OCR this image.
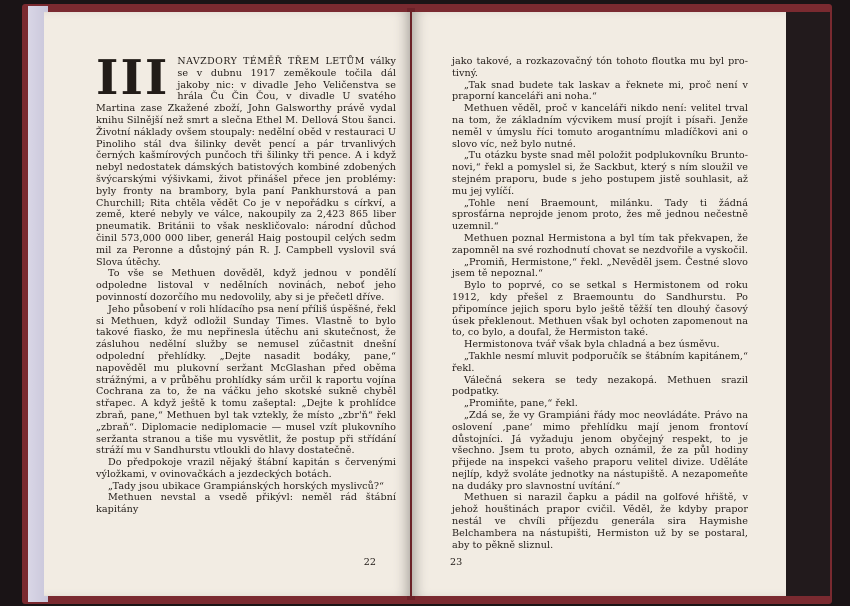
III NAVZDORY TÉMĚŘ TŘEM LETŮM války se v dubnu 1917 zeměkoule točila dál jakoby nic: v divadle Jeho Veličenstva se hrála Ču Čin Čou, v divadle U svatého Martina zase Zkažené zboží, John Galsworthy právě vydal knihu Silnější než smrt a slečna Ethel M. Dellová Stou šanci. Životní náklady ovšem stoupaly: nedělní oběd v restauraci U Pinoliho stál dva šilinky devět pencí a pár trvanlivých černých kašmírových punčoch tři šilinky tři pence. A i když nebyl nedostatek dámských batistových kombiné zdobených švýcarskými výšivkami, život přinášel přece jen problémy: byly fronty na brambory, byla paní Pankhurstová a pan Churchill; Rita chtěla vědět Co je v nepořádku s církví, a země, které nebyly ve válce, nakoupily za 2,423 865 liber pneumatik. Británii to však neskličovalo: národní důchod činil 573,000 000 liber, generál Haig postoupil celých sedm mil za Peronne a důstojný pán R. J. Campbell vyslovil svá Slova útěchy.

To vše se Methuen dověděl, když jednou v pondělí odpoledne listoval v nedělních novinách, neboť jeho povinností dozorčího mu nedovolily, aby si je přečetl dříve.

Jeho působení v roli hlídacího psa není příliš úspěšné, řekl si Methuen, když odložil Sunday Times. Vlastně to bylo takové fiasko, že mu nepřinesla útěchu ani skutečnost, že zásluhou nedělní služby se nemusel zúčastnit dnešní odpolední přehlídky. „Dejte nasadit bodáky, pane,“ napověděl mu plukovní seržant McGlashan před oběma strážnými, a v průběhu prohlídky sám určil k raportu vojína Cochrana za to, že na váčku jeho skotské sukně chyběl střapec. A když ještě k tomu zašeptal: „Dejte k prohlídce zbraň, pane,“ Methuen byl tak vztekly, že místo „zbr'ň“ řekl „zbraň“. Diplomacie nediplomacie — musel vzít plukovního seržanta stranou a tiše mu vysvětlit, že postup při střídání stráží mu v Sandhurstu vtloukli do hlavy dostatečně.

Do předpokoje vrazil nějaký štábní kapitán s červenými výložkami, v ovinovačkách a jezdeckých botách.

„Tady jsou ubikace Grampiánských horských myslivců?“

Methuen nevstal a vsedě přikývl: neměl rád štábní kapitány

22

jako takové, a rozkazovačný tón tohoto floutka mu byl protivný.

„Tak snad budete tak laskav a řeknete mi, proč není v praporní kanceláři ani noha.“

Methuen věděl, proč v kanceláři nikdo není: velitel trval na tom, že základním výcvikem musí projít i písaři. Jenže neměl v úmyslu říci tomuto arogantnímu mladíčkovi ani o slovo víc, než bylo nutné.

„Tu otázku byste snad měl položit podplukovníku Bruntonovi,“ řekl a pomyslel si, že Sackbut, který s ním sloužil ve stejném praporu, bude s jeho postupem jistě souhlasit, až mu jej vylíčí.

„Tohle není Braemount, milánku. Tady ti žádná sprosťárna neprojde jenom proto, žes mě jednou nečestně uzemnil.“

Methuen poznal Hermistona a byl tím tak překvapen, že zapomněl na své rozhodnutí chovat se nezdvořile a vyskočil.

„Promiň, Hermistone,“ řekl. „Nevěděl jsem. Čestné slovo jsem tě nepoznal.“

Bylo to poprvé, co se setkal s Hermistonem od roku 1912, kdy přešel z Braemountu do Sandhurstu. Po připomínce jejich sporu bylo ještě těžší ten dlouhý časový úsek překlenout. Methuen však byl ochoten zapomenout na to, co bylo, a doufal, že Hermiston také.

Hermistonova tvář však byla chladná a bez úsměvu.

„Takhle nesmí mluvit podporučík se štábním kapitánem,“ řekl.

Válečná sekera se tedy nezakopá. Methuen srazil podpatky.

„Promiňte, pane,“ řekl.

„Zdá se, že vy Grampiáni řády moc neovládáte. Právo na oslovení ‚pane‘ mimo přehlídku mají jenom frontoví důstojníci. Já vyžaduju jenom obyčejný respekt, to je všechno. Jsem tu proto, abych oznámil, že za půl hodiny přijede na inspekci vašeho praporu velitel divize. Uděláte nejlíp, když svoláte jednotky na nástupiště. A nezapomeňte na dudáky pro slavnostní uvítání.“

Methuen si narazil čapku a pádil na golfové hřiště, v jehož houštinách prapor cvičil. Věděl, že kdyby prapor nestál ve chvíli příjezdu generála sira Haymishe Belchambera na nástupišti, Hermiston už by se postaral, aby to pěkně sliznul.

23
